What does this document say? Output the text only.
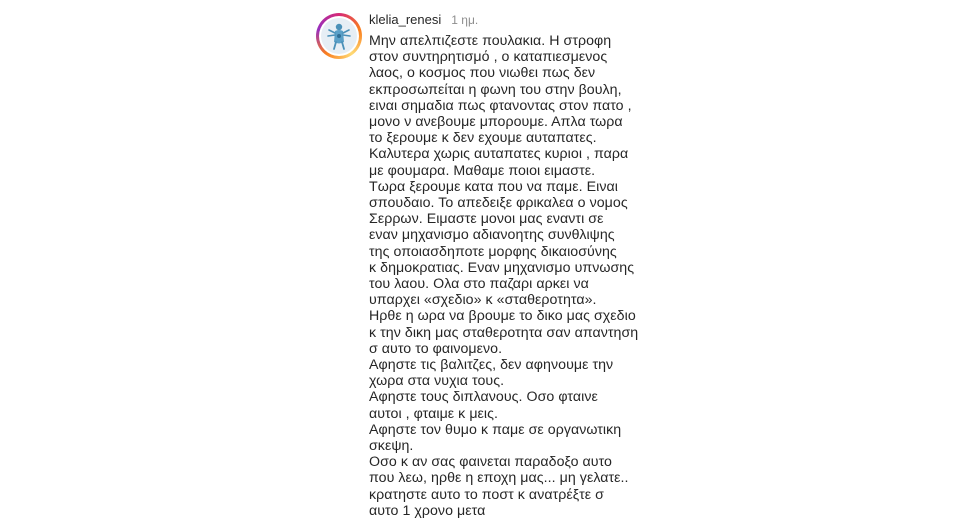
klelia_renesi 1 ημ.
Μην απελπιζεστε πουλακια. Η στροφη
στον συντηρητισμό , ο καταπιεσμενος
λαος, ο κοσμος που νιωθει πως δεν
εκπροσωπείται η φωνη του στην βουλη,
ειναι σημαδια πως φτανοντας στον πατο ,
μονο ν ανεβουμε μπορουμε. Απλα τωρα
το ξερουμε κ δεν εχουμε αυταπατες.
Καλυτερα χωρις αυταπατες κυριοι , παρα
με φουμαρα. Μαθαμε ποιοι ειμαστε.
Τωρα ξερουμε κατα που να παμε. Ειναι
σπουδαιο. Το απεδειξε φρικαλεα ο νομος
Σερρων. Ειμαστε μονοι μας εναντι σε
εναν μηχανισμο αδιανοητης συνθλιψης
της οποιασδηποτε μορφης δικαιοσύνης
κ δημοκρατιας. Εναν μηχανισμο υπνωσης
του λαου. Ολα στο παζαρι αρκει να
υπαρχει «σχεδιο» κ «σταθεροτητα».
Ηρθε η ωρα να βρουμε το δικο μας σχεδιο
κ την δικη μας σταθεροτητα σαν απαντηση
σ αυτο το φαινομενο.
Αφηστε τις βαλιτζες, δεν αφηνουμε την
χωρα στα νυχια τους.
Αφηστε τους διπλανους. Οσο φταινε
αυτοι , φταιμε κ μεις.
Αφηστε τον θυμο κ παμε σε οργανωτικη
σκεψη.
Οσο κ αν σας φαινεται παραδοξο αυτο
που λεω, ηρθε η εποχη μας... μη γελατε..
κρατηστε αυτο το ποστ κ ανατρέξτε σ
αυτο 1 χρονο μετα
